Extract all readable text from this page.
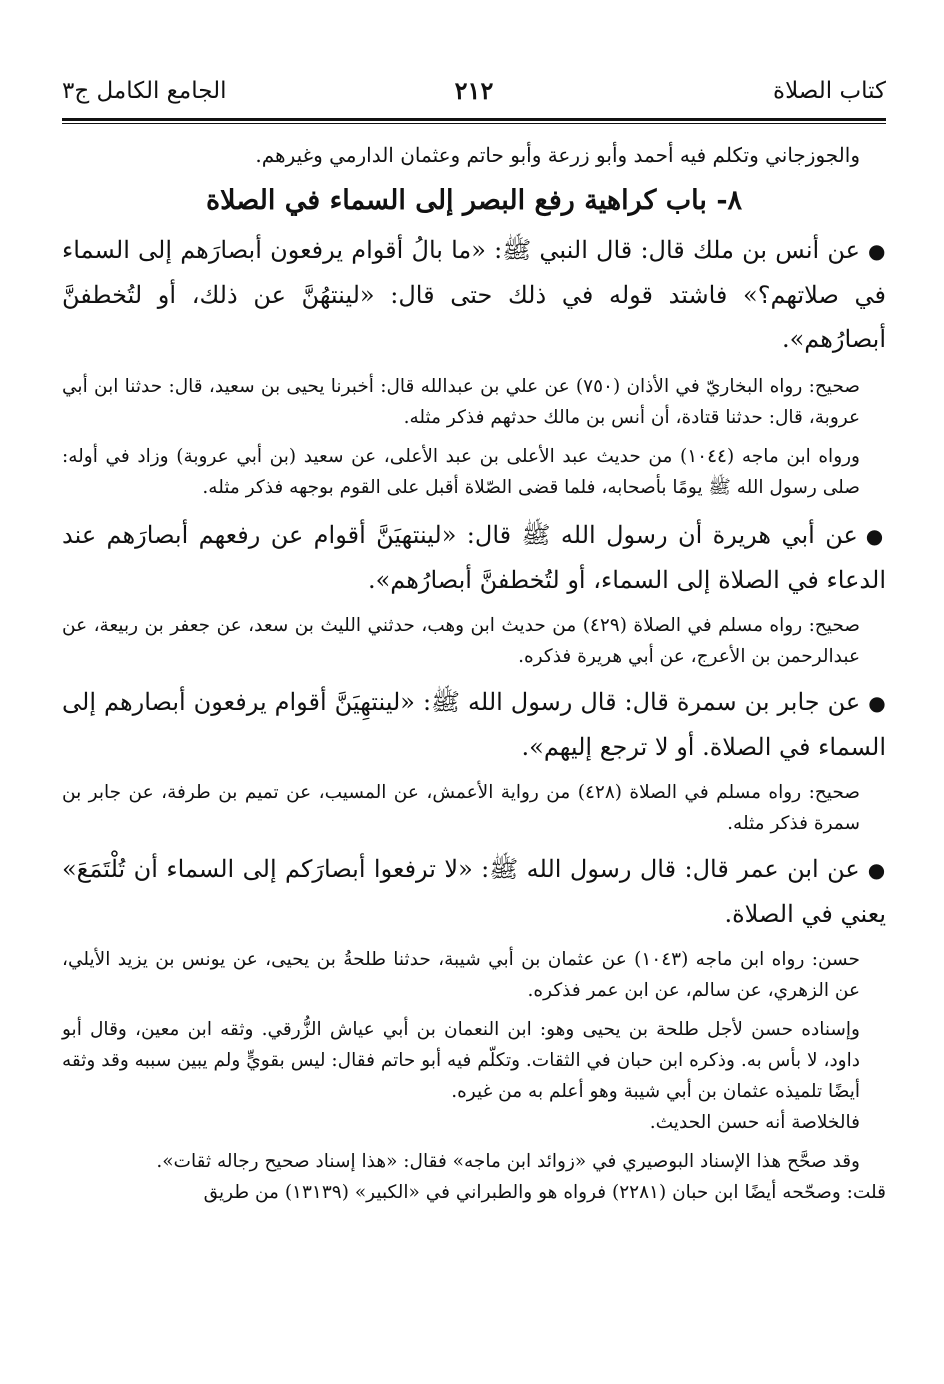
كتاب الصلاة
٢١٢
الجامع الكامل ج٣

والجوزجاني وتكلم فيه أحمد وأبو زرعة وأبو حاتم وعثمان الدارمي وغيرهم.

٨- باب كراهية رفع البصر إلى السماء في الصلاة

●عن أنس بن ملك قال: قال النبي ﷺ: «ما بالُ أقوام يرفعون أبصارَهم إلى السماء في صلاتهم؟» فاشتد قوله في ذلك حتى قال: «لينتهُنَّ عن ذلك، أو لتُخطفنَّ أبصارُهم».

صحيح: رواه البخاريّ في الأذان (٧٥٠) عن علي بن عبدالله قال: أخبرنا يحيى بن سعيد، قال: حدثنا ابن أبي عروبة، قال: حدثنا قتادة، أن أنس بن مالك حدثهم فذكر مثله.

ورواه ابن ماجه (١٠٤٤) من حديث عبد الأعلى بن عبد الأعلى، عن سعيد (بن أبي عروبة) وزاد في أوله: صلى رسول الله ﷺ يومًا بأصحابه، فلما قضى الصّلاة أقبل على القوم بوجهه فذكر مثله.

●عن أبي هريرة أن رسول الله ﷺ قال: «لينتهيَنَّ أقوام عن رفعهم أبصارَهم عند الدعاء في الصلاة إلى السماء، أو لتُخطفنَّ أبصارُهم».

صحيح: رواه مسلم في الصلاة (٤٢٩) من حديث ابن وهب، حدثني الليث بن سعد، عن جعفر بن ربيعة، عن عبدالرحمن بن الأعرج، عن أبي هريرة فذكره.

●عن جابر بن سمرة قال: قال رسول الله ﷺ: «لينتهِيَنَّ أقوام يرفعون أبصارهم إلى السماء في الصلاة. أو لا ترجع إليهم».

صحيح: رواه مسلم في الصلاة (٤٢٨) من رواية الأعمش، عن المسيب، عن تميم بن طرفة، عن جابر بن سمرة فذكر مثله.

●عن ابن عمر قال: قال رسول الله ﷺ: «لا ترفعوا أبصارَكم إلى السماء أن تُلْتَمَعَ» يعني في الصلاة.

حسن: رواه ابن ماجه (١٠٤٣) عن عثمان بن أبي شيبة، حدثنا طلحةُ بن يحيى، عن يونس بن يزيد الأيلي، عن الزهري، عن سالم، عن ابن عمر فذكره.

وإسناده حسن لأجل طلحة بن يحيى وهو: ابن النعمان بن أبي عياش الزُّرقي. وثقه ابن معين، وقال أبو داود، لا بأس به. وذكره ابن حبان في الثقات. وتكلّم فيه أبو حاتم فقال: ليس بقويٍّ ولم يبين سببه وقد وثقه أيضًا تلميذه عثمان بن أبي شيبة وهو أعلم به من غيره.

فالخلاصة أنه حسن الحديث.

وقد صحَّح هذا الإسناد البوصيري في «زوائد ابن ماجه» فقال: «هذا إسناد صحيح رجاله ثقات».

قلت: وصحّحه أيضًا ابن حبان (٢٢٨١) فرواه هو والطبراني في «الكبير» (١٣١٣٩) من طريق
